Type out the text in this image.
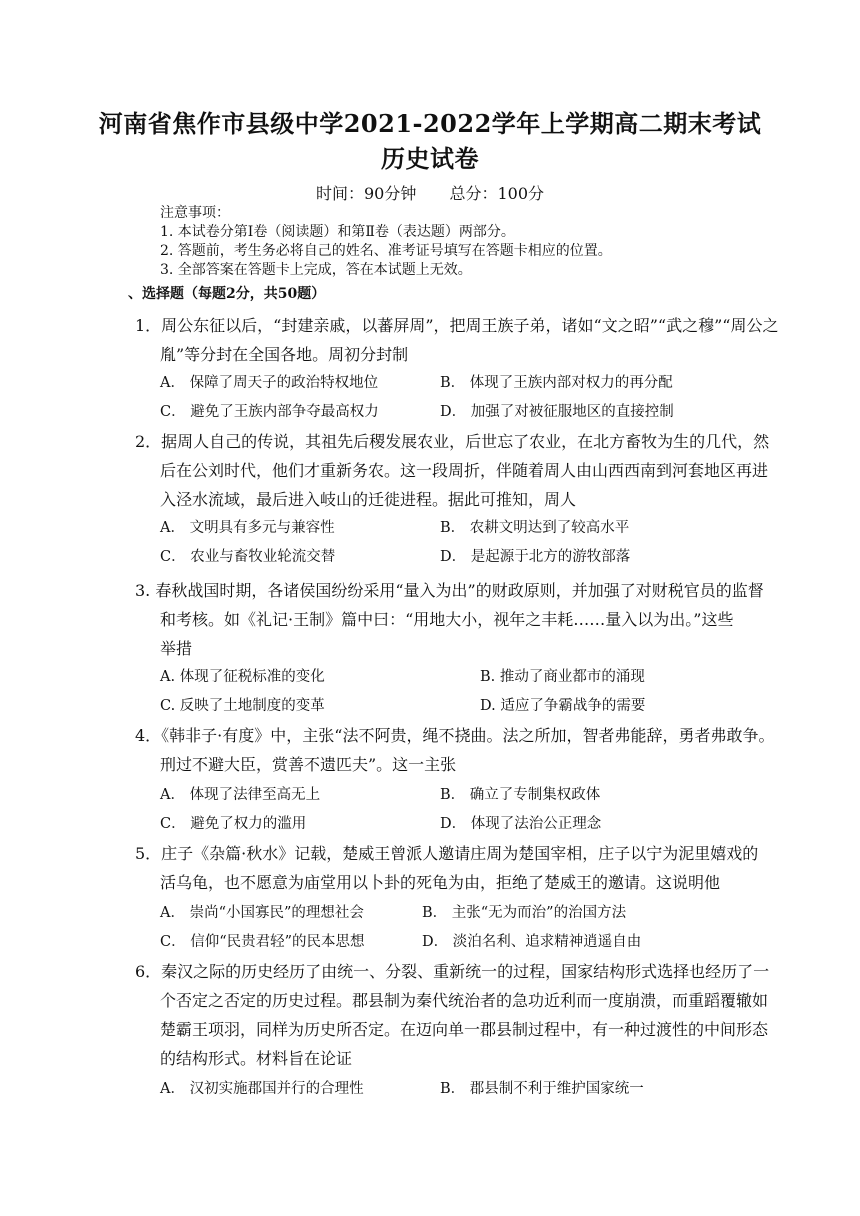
河南省焦作市县级中学2021-2022学年上学期高二期末考试
历史试卷
时间：90分钟 总分：100分
注意事项：
1. 本试卷分第Ⅰ卷（阅读题）和第Ⅱ卷（表达题）两部分。
2. 答题前，考生务必将自己的姓名、准考证号填写在答题卡相应的位置。
3. 全部答案在答题卡上完成，答在本试题上无效。
、选择题（每题2分，共50题）
1．周公东征以后，“封建亲戚，以蕃屏周”，把周王族子弟，诸如“文之昭”“武之穆”“周公之
胤”等分封在全国各地。周初分封制
A． 保障了周天子的政治特权地位	B． 体现了王族内部对权力的再分配
C． 避免了王族内部争夺最高权力	D． 加强了对被征服地区的直接控制
2．据周人自己的传说，其祖先后稷发展农业，后世忘了农业，在北方畜牧为生的几代，然
后在公刘时代，他们才重新务农。这一段周折，伴随着周人由山西西南到河套地区再进
入泾水流域，最后进入岐山的迁徙进程。据此可推知，周人
A． 文明具有多元与兼容性	B． 农耕文明达到了较高水平
C． 农业与畜牧业轮流交替	D． 是起源于北方的游牧部落
3. 春秋战国时期，各诸侯国纷纷采用“量入为出”的财政原则，并加强了对财税官员的监督
和考核。如《礼记·王制》篇中曰：“用地大小，视年之丰耗……量入以为出。”这些
举措
A. 体现了征税标准的变化	B. 推动了商业都市的涌现
C. 反映了土地制度的变革	D. 适应了争霸战争的需要
4．《韩非子·有度》中，主张“法不阿贵，绳不挠曲。法之所加，智者弗能辞，勇者弗敢争。
刑过不避大臣，赏善不遗匹夫”。这一主张
A． 体现了法律至高无上	B． 确立了专制集权政体
C． 避免了权力的滥用	D． 体现了法治公正理念
5．庄子《杂篇·秋水》记载，楚威王曾派人邀请庄周为楚国宰相，庄子以宁为泥里嬉戏的
活乌龟，也不愿意为庙堂用以卜卦的死龟为由，拒绝了楚威王的邀请。这说明他
A． 崇尚“小国寡民”的理想社会	B． 主张“无为而治”的治国方法
C． 信仰“民贵君轻”的民本思想	D． 淡泊名利、追求精神逍遥自由
6．秦汉之际的历史经历了由统一、分裂、重新统一的过程，国家结构形式选择也经历了一
个否定之否定的历史过程。郡县制为秦代统治者的急功近利而一度崩溃，而重蹈覆辙如
楚霸王项羽，同样为历史所否定。在迈向单一郡县制过程中，有一种过渡性的中间形态
的结构形式。材料旨在论证
A． 汉初实施郡国并行的合理性	B． 郡县制不利于维护国家统一
